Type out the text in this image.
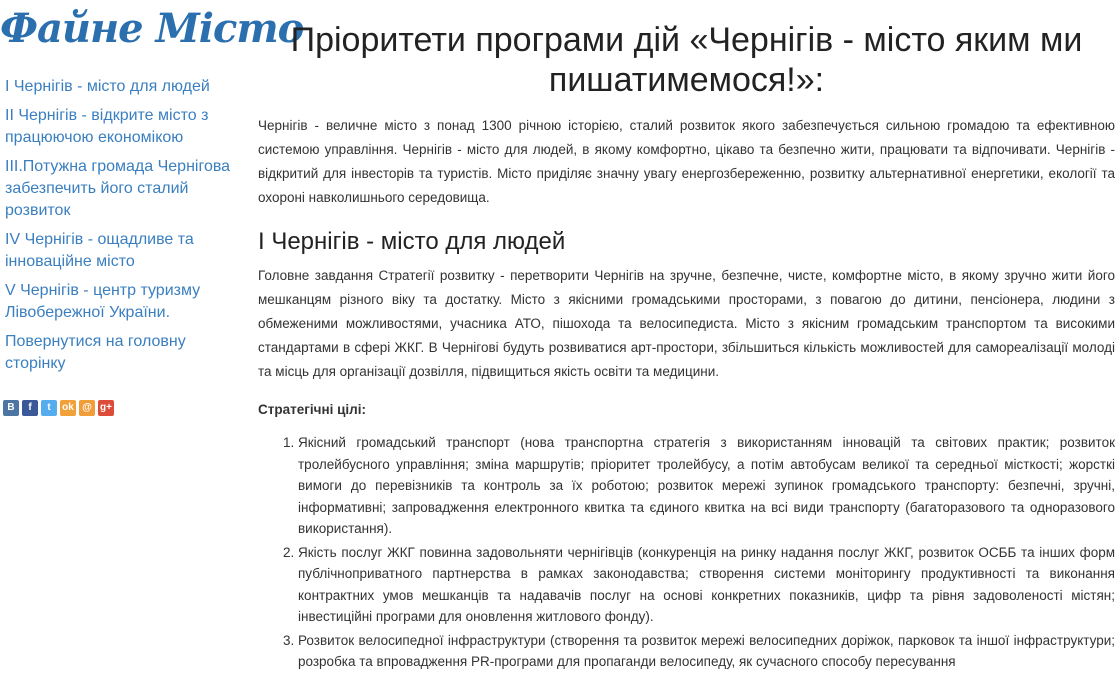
Файне Місто
І Чернігів - місто для людей
ІІ Чернігів - відкрите місто з працюючою економікою
ІІІ.Потужна громада Чернігова забезпечить його сталий розвиток
IV Чернігів - ощадливе та інноваційне місто
V Чернігів - центр туризму Лівобережної України.
Повернутися на головну сторінку
В	f	t	ok @ g+
Пріоритети програми дій «Чернігів - місто яким ми пишатимемося!»:

Чернігів - величне місто з понад 1300 річною історією, сталий розвиток якого забезпечується сильною громадою та ефективною системою управління. Чернігів - місто для людей, в якому комфортно, цікаво та безпечно жити, працювати та відпочивати. Чернігів - відкритий для інвесторів та туристів. Місто приділяє значну увагу енергозбереженню, розвитку альтернативної енергетики, екології та охороні навколишнього середовища.

І Чернігів - місто для людей

Головне завдання Стратегії розвитку - перетворити Чернігів на зручне, безпечне, чисте, комфортне місто, в якому зручно жити його мешканцям різного віку та достатку. Місто з якісними громадськими просторами, з повагою до дитини, пенсіонера, людини з обмеженими можливостями, учасника АТО, пішохода та велосипедиста. Місто з якісним громадським транспортом та високими стандартами в сфері ЖКГ. В Чернігові будуть розвиватися арт-простори, збільшиться кількість можливостей для самореалізації молоді та місць для організації дозвілля, підвищиться якість освіти та медицини.

Стратегічні цілі:

1. Якісний громадський транспорт (нова транспортна стратегія з використанням інновацій та світових практик; розвиток тролейбусного управління; зміна маршрутів; пріоритет тролейбусу, а потім автобусам великої та середньої місткості; жорсткі вимоги до перевізників та контроль за їх роботою; розвиток мережі зупинок громадського транспорту: безпечні, зручні, інформативні; запровадження електронного квитка та єдиного квитка на всі види транспорту (багаторазового та одноразового використання).
2. Якість послуг ЖКГ повинна задовольняти чернігівців (конкуренція на ринку надання послуг ЖКГ, розвиток ОСББ та інших форм публічноприватного партнерства в рамках законодавства; створення системи моніторингу продуктивності та виконання контрактних умов мешканців та надавачів послуг на основі конкретних показників, цифр та рівня задоволеності містян; інвестиційні програми для оновлення житлового фонду).
3. Розвиток велосипедної інфраструктури (створення та розвиток мережі велосипедних доріжок, парковок та іншої інфраструктури; розробка та впровадження PR-програми для пропаганди велосипеду, як сучасного способу пересування
